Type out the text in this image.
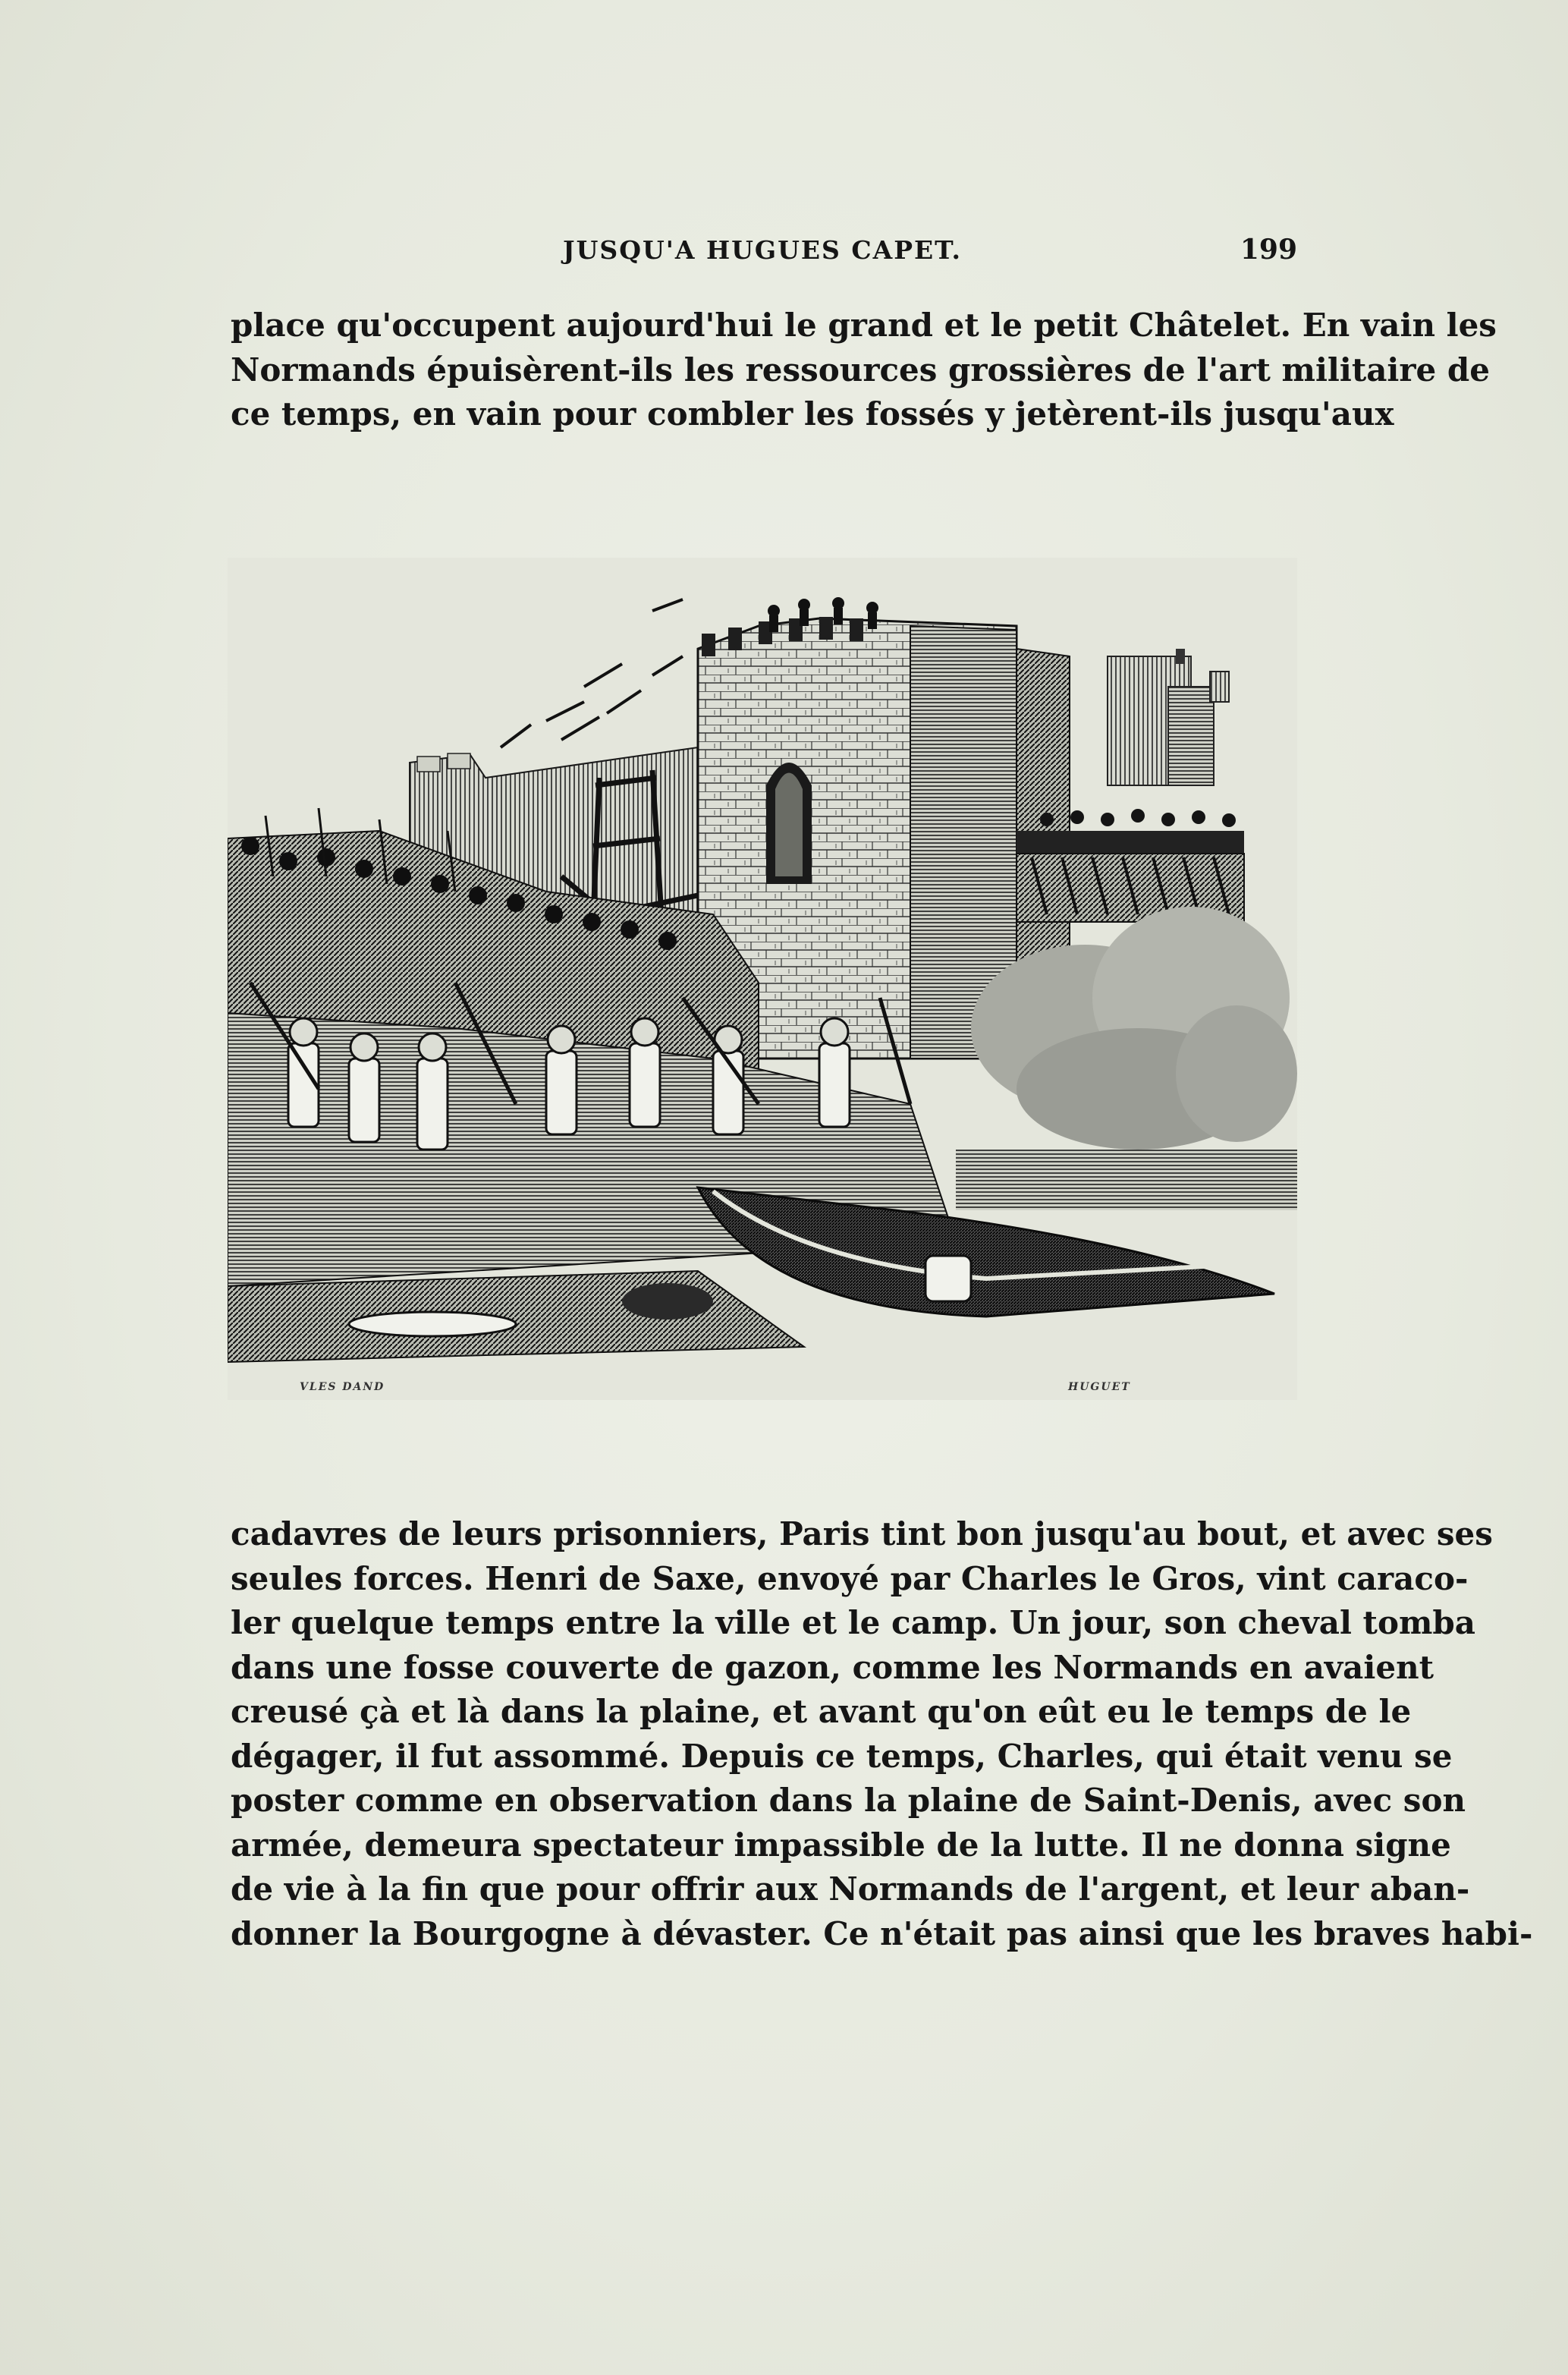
JUSQU'A HUGUES CAPET.	199
place qu'occupent aujourd'hui le grand et le petit Châtelet. En vain les
Normands épuisèrent-ils les ressources grossières de l'art militaire de
ce temps, en vain pour combler les fossés y jetèrent-ils jusqu'aux
VLES DAND	HUGUET
cadavres de leurs prisonniers, Paris tint bon jusqu'au bout, et avec ses
seules forces. Henri de Saxe, envoyé par Charles le Gros, vint caraco-
ler quelque temps entre la ville et le camp. Un jour, son cheval tomba
dans une fosse couverte de gazon, comme les Normands en avaient
creusé çà et là dans la plaine, et avant qu'on eût eu le temps de le
dégager, il fut assommé. Depuis ce temps, Charles, qui était venu se
poster comme en observation dans la plaine de Saint-Denis, avec son
armée, demeura spectateur impassible de la lutte. Il ne donna signe
de vie à la fin que pour offrir aux Normands de l'argent, et leur aban-
donner la Bourgogne à dévaster. Ce n'était pas ainsi que les braves habi-
